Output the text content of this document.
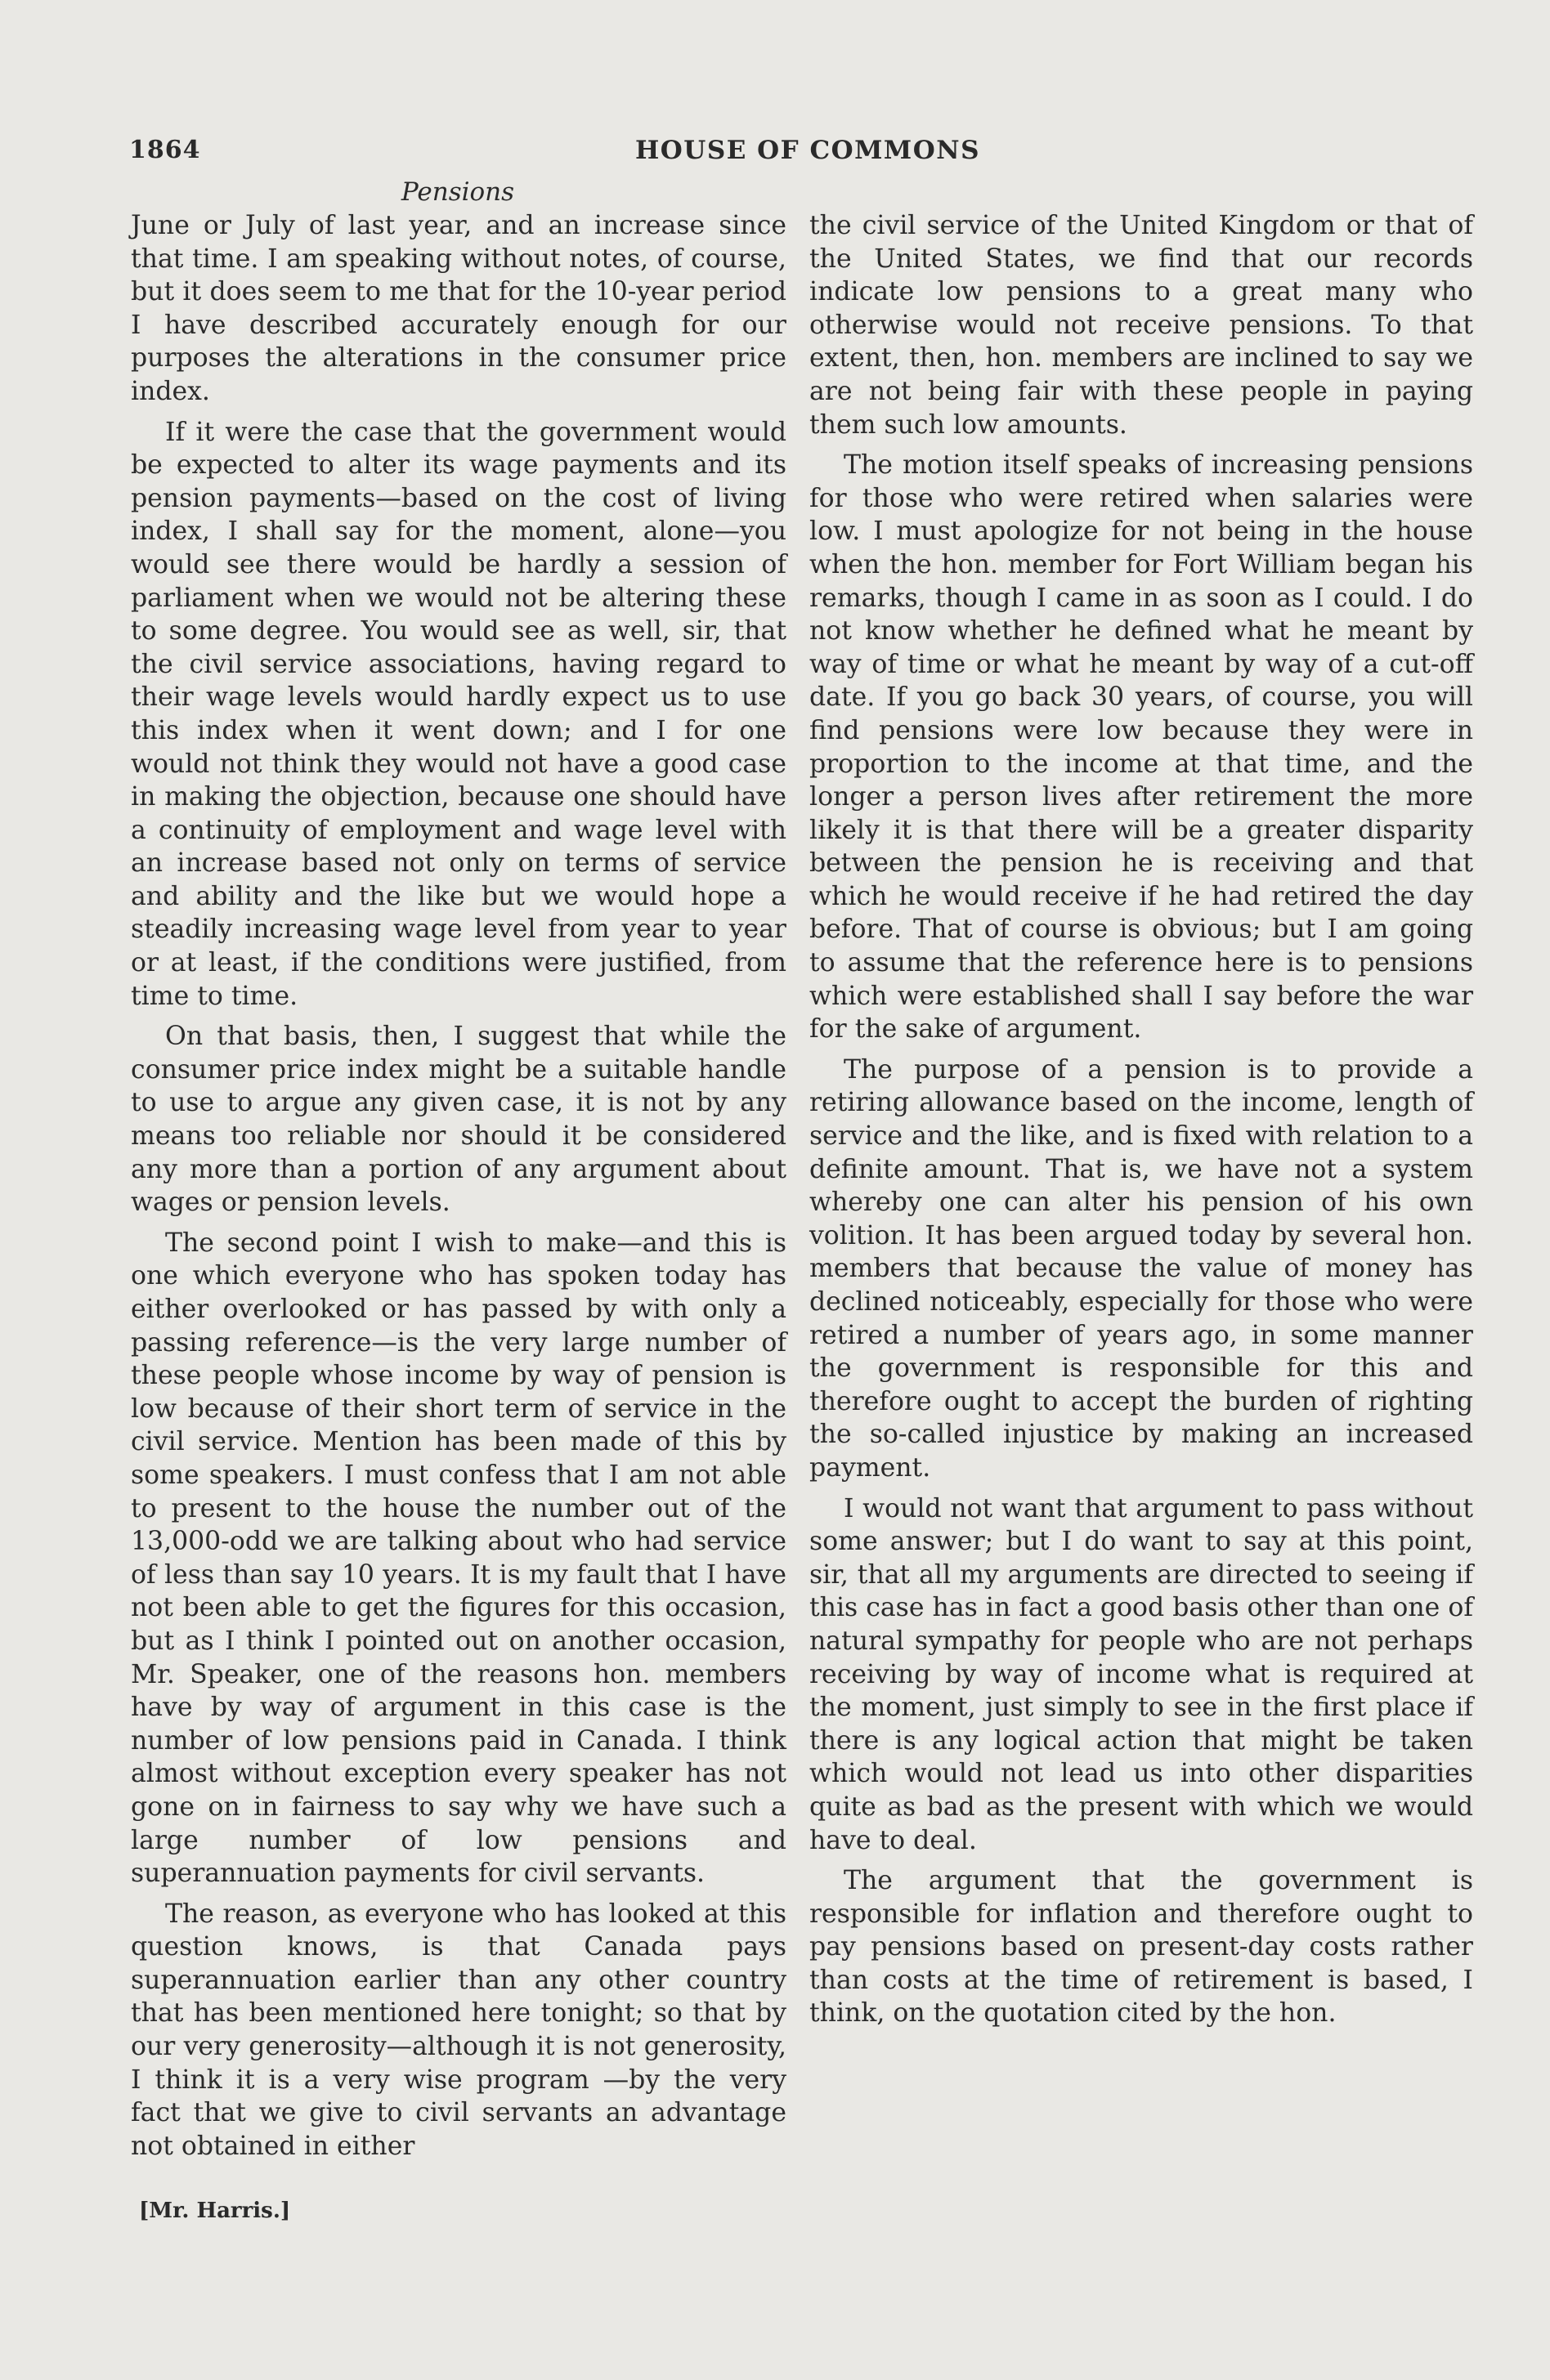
1864	HOUSE OF COMMONS
Pensions

June or July of last year, and an increase since that time. I am speaking without notes, of course, but it does seem to me that for the 10-year period I have described accurately enough for our purposes the alterations in the consumer price index.

If it were the case that the government would be expected to alter its wage payments and its pension payments—based on the cost of living index, I shall say for the moment, alone—you would see there would be hardly a session of parliament when we would not be altering these to some degree. You would see as well, sir, that the civil service associations, having regard to their wage levels would hardly expect us to use this index when it went down; and I for one would not think they would not have a good case in making the objection, because one should have a continuity of employment and wage level with an increase based not only on terms of service and ability and the like but we would hope a steadily increasing wage level from year to year or at least, if the conditions were justified, from time to time.

On that basis, then, I suggest that while the consumer price index might be a suitable handle to use to argue any given case, it is not by any means too reliable nor should it be considered any more than a portion of any argument about wages or pension levels.

The second point I wish to make—and this is one which everyone who has spoken today has either overlooked or has passed by with only a passing reference—is the very large number of these people whose income by way of pension is low because of their short term of service in the civil service. Mention has been made of this by some speakers. I must confess that I am not able to present to the house the number out of the 13,000-odd we are talking about who had service of less than say 10 years. It is my fault that I have not been able to get the figures for this occasion, but as I think I pointed out on another occasion, Mr. Speaker, one of the reasons hon. members have by way of argument in this case is the number of low pensions paid in Canada. I think almost without exception every speaker has not gone on in fairness to say why we have such a large number of low pensions and superannuation payments for civil servants.

The reason, as everyone who has looked at this question knows, is that Canada pays superannuation earlier than any other country that has been mentioned here tonight; so that by our very generosity—although it is not generosity, I think it is a very wise program —by the very fact that we give to civil servants an advantage not obtained in either

the civil service of the United Kingdom or that of the United States, we find that our records indicate low pensions to a great many who otherwise would not receive pensions. To that extent, then, hon. members are inclined to say we are not being fair with these people in paying them such low amounts.

The motion itself speaks of increasing pensions for those who were retired when salaries were low. I must apologize for not being in the house when the hon. member for Fort William began his remarks, though I came in as soon as I could. I do not know whether he defined what he meant by way of time or what he meant by way of a cut-off date. If you go back 30 years, of course, you will find pensions were low because they were in proportion to the income at that time, and the longer a person lives after retirement the more likely it is that there will be a greater disparity between the pension he is receiving and that which he would receive if he had retired the day before. That of course is obvious; but I am going to assume that the reference here is to pensions which were established shall I say before the war for the sake of argument.

The purpose of a pension is to provide a retiring allowance based on the income, length of service and the like, and is fixed with relation to a definite amount. That is, we have not a system whereby one can alter his pension of his own volition. It has been argued today by several hon. members that because the value of money has declined noticeably, especially for those who were retired a number of years ago, in some manner the government is responsible for this and therefore ought to accept the burden of righting the so-called injustice by making an increased payment.

I would not want that argument to pass without some answer; but I do want to say at this point, sir, that all my arguments are directed to seeing if this case has in fact a good basis other than one of natural sympathy for people who are not perhaps receiving by way of income what is required at the moment, just simply to see in the first place if there is any logical action that might be taken which would not lead us into other disparities quite as bad as the present with which we would have to deal.

The argument that the government is responsible for inflation and therefore ought to pay pensions based on present-day costs rather than costs at the time of retirement is based, I think, on the quotation cited by the hon.

[Mr. Harris.]
